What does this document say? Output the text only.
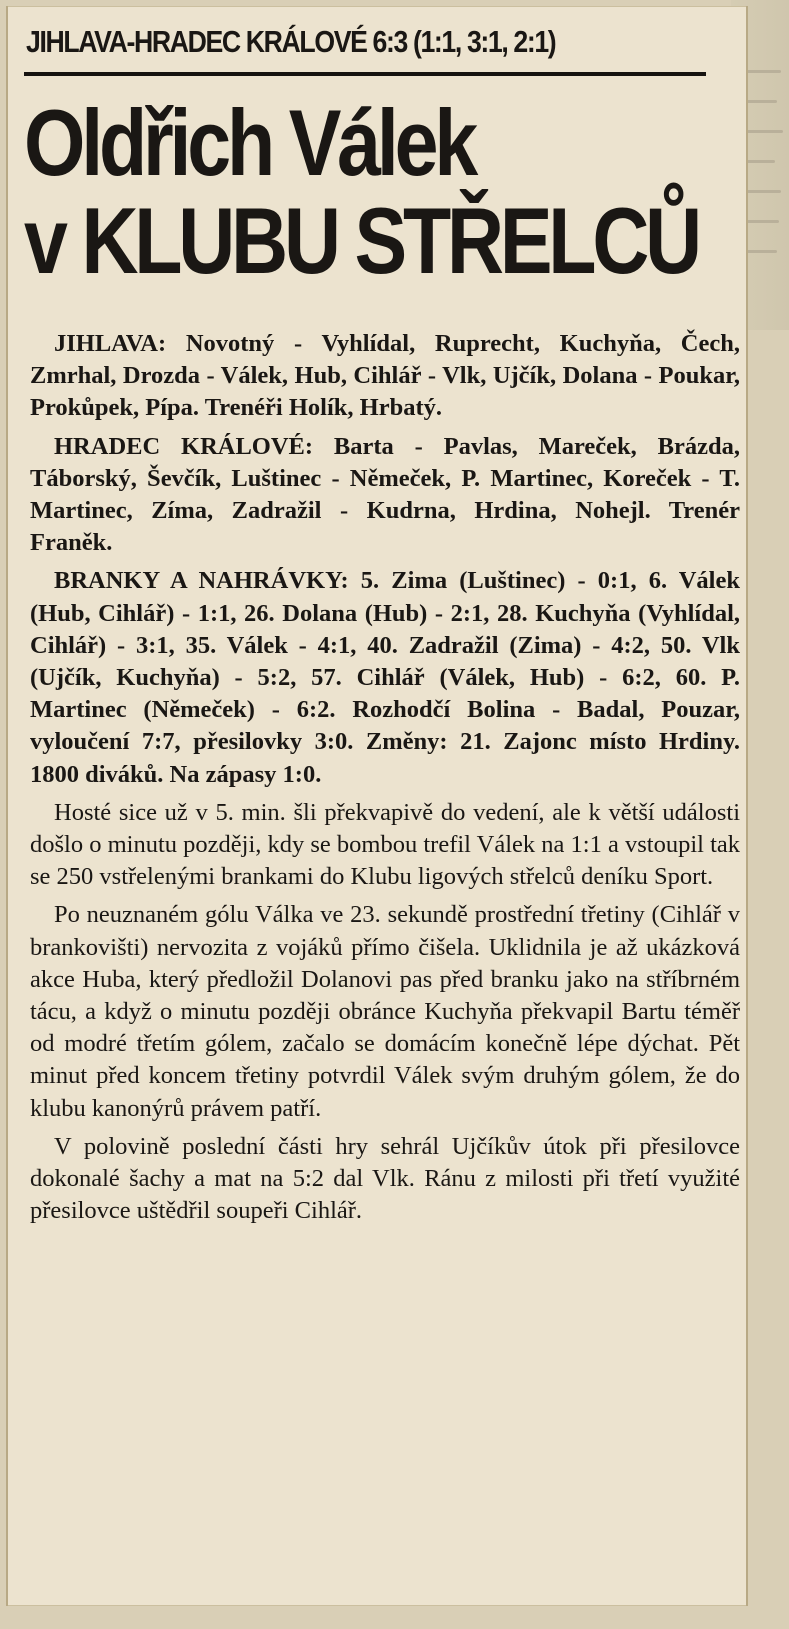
JIHLAVA-HRADEC KRÁLOVÉ 6:3 (1:1, 3:1, 2:1)
Oldřich Válek
v KLUBU STŘELCŮ

JIHLAVA: Novotný - Vyhlídal, Ruprecht, Kuchyňa, Čech, Zmrhal, Drozda - Válek, Hub, Cihlář - Vlk, Ujčík, Dolana - Poukar, Prokůpek, Pípa. Trenéři Holík, Hrbatý.

HRADEC KRÁLOVÉ: Barta - Pavlas, Mareček, Brázda, Táborský, Ševčík, Luštinec - Němeček, P. Martinec, Koreček - T. Martinec, Zíma, Zadražil - Kudrna, Hrdina, Nohejl. Trenér Franěk.

BRANKY A NAHRÁVKY: 5. Zima (Luštinec) - 0:1, 6. Válek (Hub, Cihlář) - 1:1, 26. Dolana (Hub) - 2:1, 28. Kuchyňa (Vyhlídal, Cihlář) - 3:1, 35. Válek - 4:1, 40. Zadražil (Zima) - 4:2, 50. Vlk (Ujčík, Kuchyňa) - 5:2, 57. Cihlář (Válek, Hub) - 6:2, 60. P. Martinec (Němeček) - 6:2. Rozhodčí Bolina - Badal, Pouzar, vyloučení 7:7, přesilovky 3:0. Změny: 21. Zajonc místo Hrdiny. 1800 diváků. Na zápasy 1:0.

Hosté sice už v 5. min. šli překvapivě do vedení, ale k větší události došlo o minutu později, kdy se bombou trefil Válek na 1:1 a vstoupil tak se 250 vstřelenými brankami do Klubu ligových střelců deníku Sport.

Po neuznaném gólu Válka ve 23. sekundě prostřední třetiny (Cihlář v brankovišti) nervozita z vojáků přímo čišela. Uklidnila je až ukázková akce Huba, který předložil Dolanovi pas před branku jako na stříbrném tácu, a když o minutu později obránce Kuchyňa překvapil Bartu téměř od modré třetím gólem, začalo se domácím konečně lépe dýchat. Pět minut před koncem třetiny potvrdil Válek svým druhým gólem, že do klubu kanonýrů právem patří.

V polovině poslední části hry sehrál Ujčíkův útok při přesilovce dokonalé šachy a mat na 5:2 dal Vlk. Ránu z milosti při třetí využité přesilovce uštědřil soupeři Cihlář.
